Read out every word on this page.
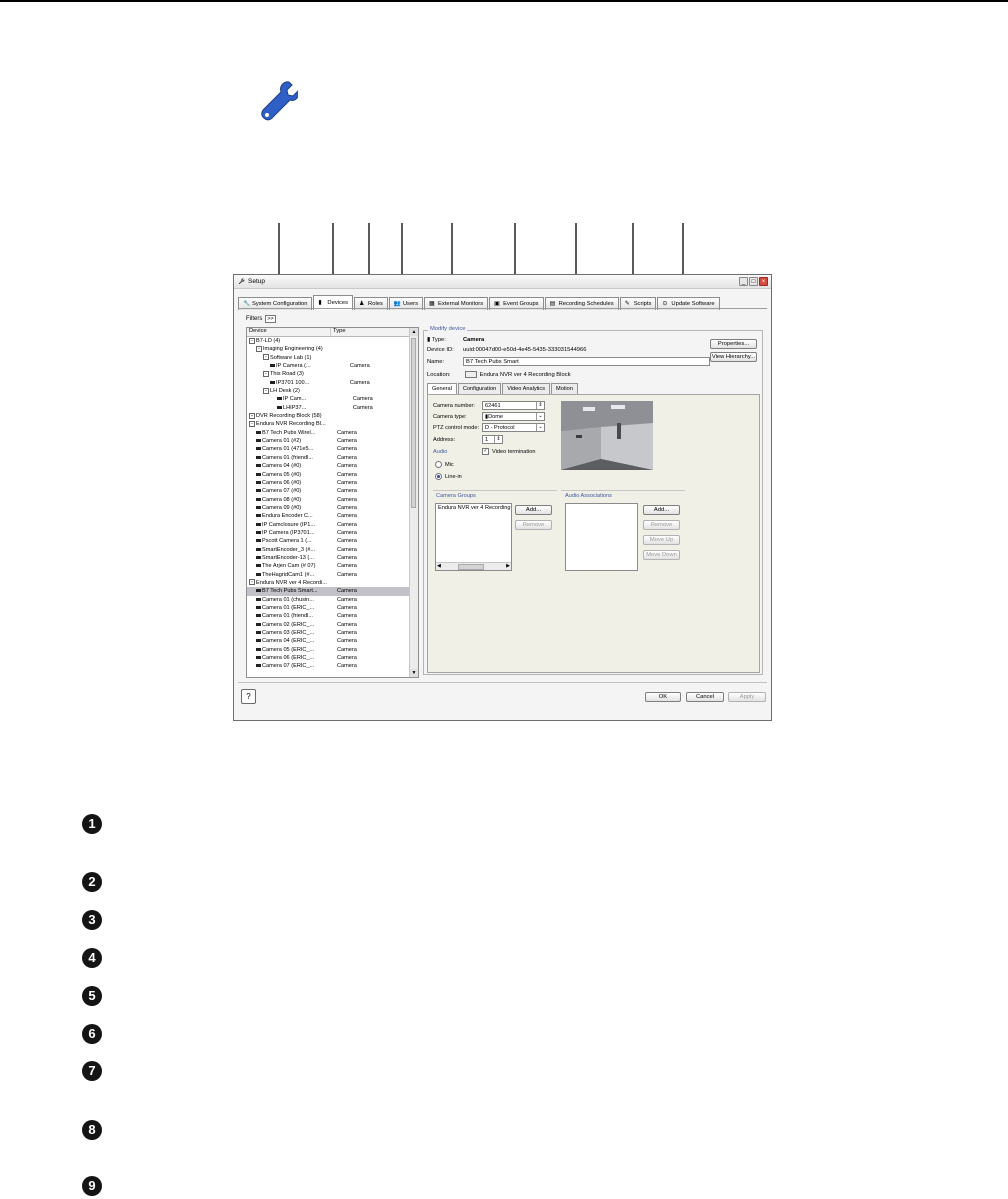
Setup	_	□	×
🔧 System Configuration ▮ Devices ♟ Roles 👥 Users ▦ External Monitors ▣ Event Groups ▤ Recording Schedules ✎ Scripts ⊙ Update Software
Filters >>
Device	Type
− B7-LD (4)
− Imaging Engineering (4)
− Software Lab (1)
IP Camera (...	Camera
− This Road (3)
IP3701 100...	Camera
− LH Desk (2)
IP Cam...	Camera
LHIP37...	Camera
+ DVR Recording Block (58)
− Endura NVR Recording Bl...
B7 Tech Pubs Wirel...	Camera
Camera 01 (#2)	Camera
Camera 01 (471e5...	Camera
Camera 01 (friendl...	Camera
Camera 04 (#0)	Camera
Camera 05 (#0)	Camera
Camera 06 (#0)	Camera
Camera 07 (#0)	Camera
Camera 08 (#0)	Camera
Camera 09 (#0)	Camera
Endura Encoder C...	Camera
IP Camclosure (IP1...	Camera
IP Camera (IP3701...	Camera
Pscott Camera 1 (...	Camera
SmartEncoder_3 (#...	Camera
SmartEncoder-13 (...	Camera
The Arjen Cam (# 07)	Camera
TheHagridCam1 (#...	Camera
− Endura NVR ver 4 Recordi...
B7 Tech Pubs Smart...	Camera
Camera 01 (chusin...	Camera
Camera 01 (ERIC_...	Camera
Camera 01 (friendl...	Camera
Camera 02 (ERIC_...	Camera
Camera 03 (ERIC_...	Camera
Camera 04 (ERIC_...	Camera
Camera 05 (ERIC_...	Camera
Camera 06 (ERIC_...	Camera
Camera 07 (ERIC_...	Camera
▲
▼
Modify device
▮ Type:	Camera
Device ID: uuid:00047d00-e50d-4e45-5435-333031544966
Name:	B7 Tech Pubs Smart
Location:	Endura NVR ver 4 Recording Block
Properties...
View Hierarchy...
General	Configuration	Video Analytics	Motion
Camera number:	62461	⇕
Camera type:	▮Dome	⌄
PTZ control mode:	D - Protocol	⌄
Address:	1	⇕
Audio	✓ Video termination
Mic
Line-in
Camera Groups	Audio Associations
Endura NVR ver 4 Recording
◀	▶
Add...
Remove
Add...
Remove
Move Up
Move Down
?	OK	Cancel	Apply
1
2
3
4
5
6
7
8
9
